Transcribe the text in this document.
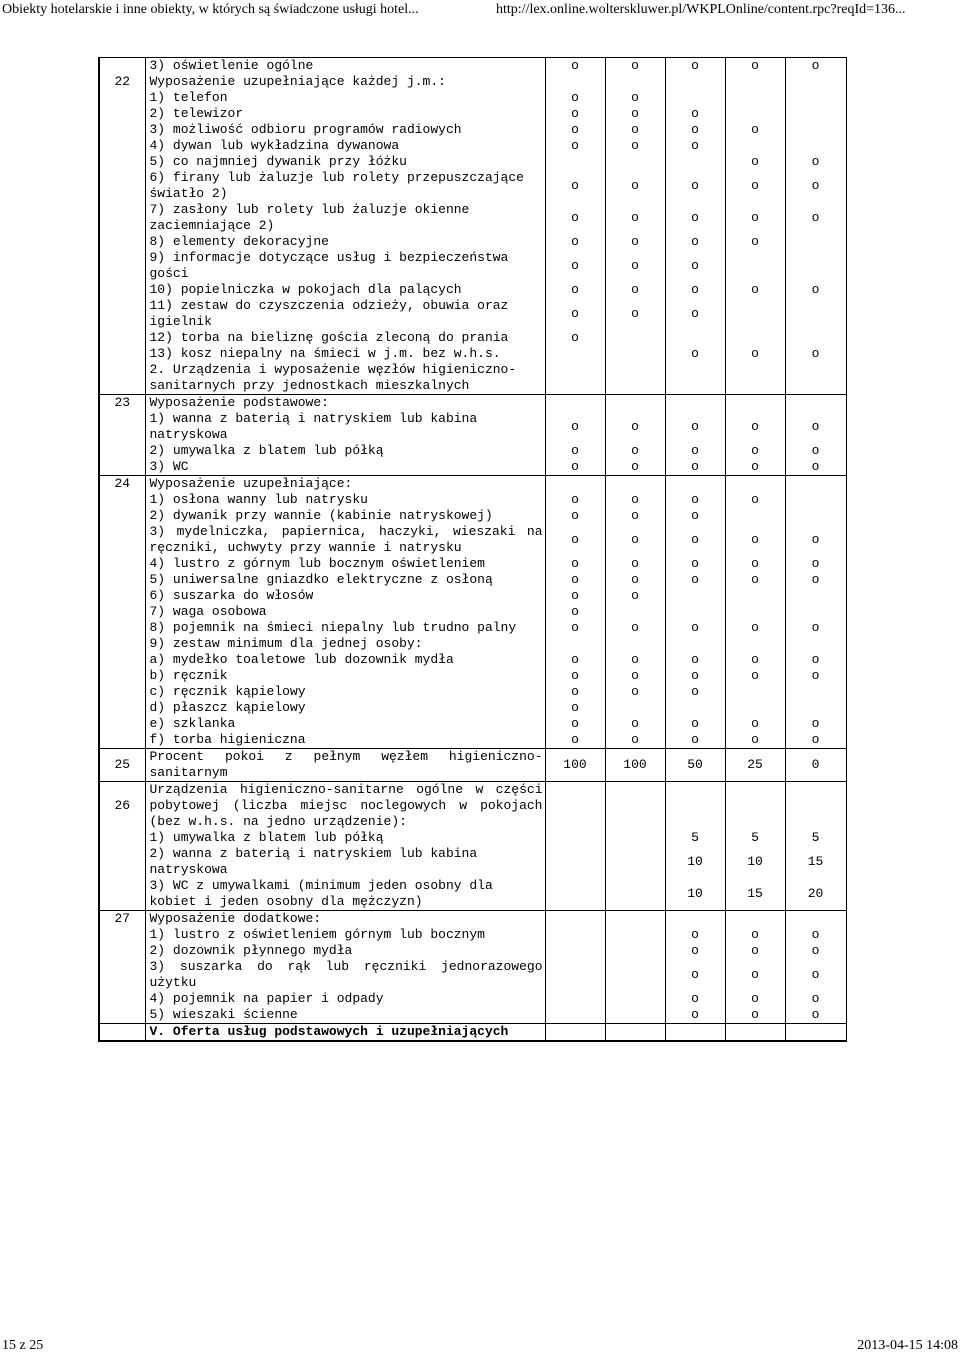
Obiekty hotelarskie i inne obiekty, w których są świadczone usługi hotel...	http://lex.online.wolterskluwer.pl/WKPLOnline/content.rpc?reqId=136...
	3) oświetlenie ogólne	o	o	o	o	o
22	Wyposażenie uzupełniające każdej j.m.:					
	1) telefon	o	o			
	2) telewizor	o	o	o		
	3) możliwość odbioru programów radiowych	o	o	o	o	
	4) dywan lub wykładzina dywanowa	o	o	o		
	5) co najmniej dywanik przy łóżku				o	o
	6) firany lub żaluzje lub rolety przepuszczające światło 2)	o	o	o	o	o
	7) zasłony lub rolety lub żaluzje okienne zaciemniające 2)	o	o	o	o	o
	8) elementy dekoracyjne	o	o	o	o	
	9) informacje dotyczące usług i bezpieczeństwa gości	o	o	o		
	10) popielniczka w pokojach dla palących	o	o	o	o	o
	11) zestaw do czyszczenia odzieży, obuwia oraz igielnik	o	o	o		
	12) torba na bieliznę gościa zleconą do prania	o				
	13) kosz niepalny na śmieci w j.m. bez w.h.s.			o	o	o
	2. Urządzenia i wyposażenie węzłów higieniczno-sanitarnych przy jednostkach mieszkalnych					
23	Wyposażenie podstawowe:					
	1) wanna z baterią i natryskiem lub kabina natryskowa	o	o	o	o	o
	2) umywalka z blatem lub półką	o	o	o	o	o
	3) WC	o	o	o	o	o
24	Wyposażenie uzupełniające:					
	1) osłona wanny lub natrysku	o	o	o	o	
	2) dywanik przy wannie (kabinie natryskowej)	o	o	o		
	3) mydelniczka, papiernica, haczyki, wieszaki na ręczniki, uchwyty przy wannie i natrysku	o	o	o	o	o
	4) lustro z górnym lub bocznym oświetleniem	o	o	o	o	o
	5) uniwersalne gniazdko elektryczne z osłoną	o	o	o	o	o
	6) suszarka do włosów	o	o			
	7) waga osobowa	o				
	8) pojemnik na śmieci niepalny lub trudno palny	o	o	o	o	o
	9) zestaw minimum dla jednej osoby:					
	a) mydełko toaletowe lub dozownik mydła	o	o	o	o	o
	b) ręcznik	o	o	o	o	o
	c) ręcznik kąpielowy	o	o	o		
	d) płaszcz kąpielowy	o				
	e) szklanka	o	o	o	o	o
	f) torba higieniczna	o	o	o	o	o
25	Procent pokoi z pełnym węzłem higieniczno-sanitarnym	100	100	50	25	0
26	Urządzenia higieniczno-sanitarne ogólne w części pobytowej (liczba miejsc noclegowych w pokojach (bez w.h.s. na jedno urządzenie):					
	1) umywalka z blatem lub półką			5	5	5
	2) wanna z baterią i natryskiem lub kabina natryskowa			10	10	15
	3) WC z umywalkami (minimum jeden osobny dla kobiet i jeden osobny dla mężczyzn)			10	15	20
27	Wyposażenie dodatkowe:					
	1) lustro z oświetleniem górnym lub bocznym			o	o	o
	2) dozownik płynnego mydła			o	o	o
	3) suszarka do rąk lub ręczniki jednorazowego użytku			o	o	o
	4) pojemnik na papier i odpady			o	o	o
	5) wieszaki ścienne			o	o	o
	V. Oferta usług podstawowych i uzupełniających					
15 z 25	2013-04-15 14:08
